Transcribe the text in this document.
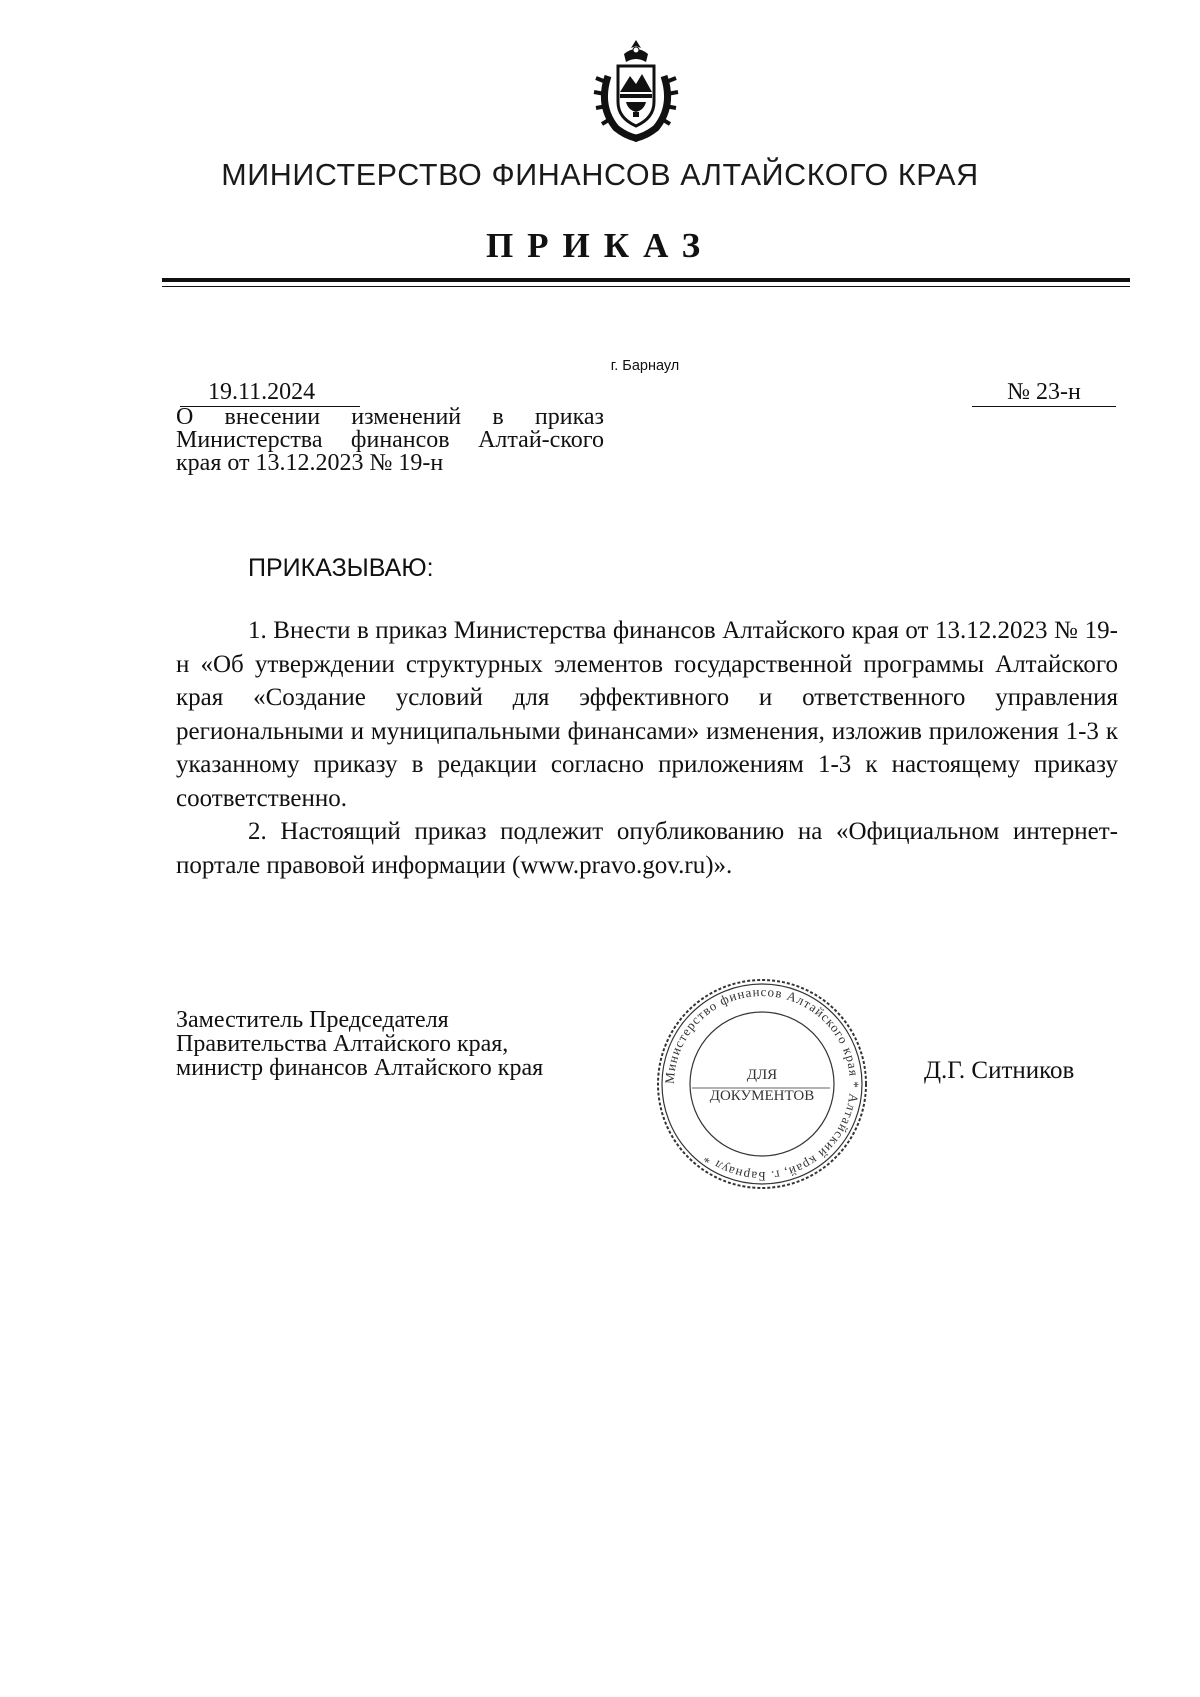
МИНИСТЕРСТВО ФИНАНСОВ АЛТАЙСКОГО КРАЯ
ПРИКАЗ
г. Барнаул
19.11.2024	№ 23-н
О внесении изменений в приказ Министерства финансов Алтай-ского края от 13.12.2023 № 19-н
ПРИКАЗЫВАЮ:

1. Внести в приказ Министерства финансов Алтайского края от 13.12.2023 № 19-н «Об утверждении структурных элементов государственной программы Алтайского края «Создание условий для эффективного и ответственного управления региональными и муниципальными финансами» изменения, изложив приложения 1-3 к указанному приказу в редакции согласно приложениям 1-3 к настоящему приказу соответственно.

2. Настоящий приказ подлежит опубликованию на «Официальном интернет-портале правовой информации (www.pravo.gov.ru)».

Заместитель Председателя
Правительства Алтайского края,
министр финансов Алтайского края	Министерство финансов Алтайского края * Алтайский край, г. Барнаул *
ДЛЯ
ДОКУМЕНТОВ
Д.Г. Ситников
